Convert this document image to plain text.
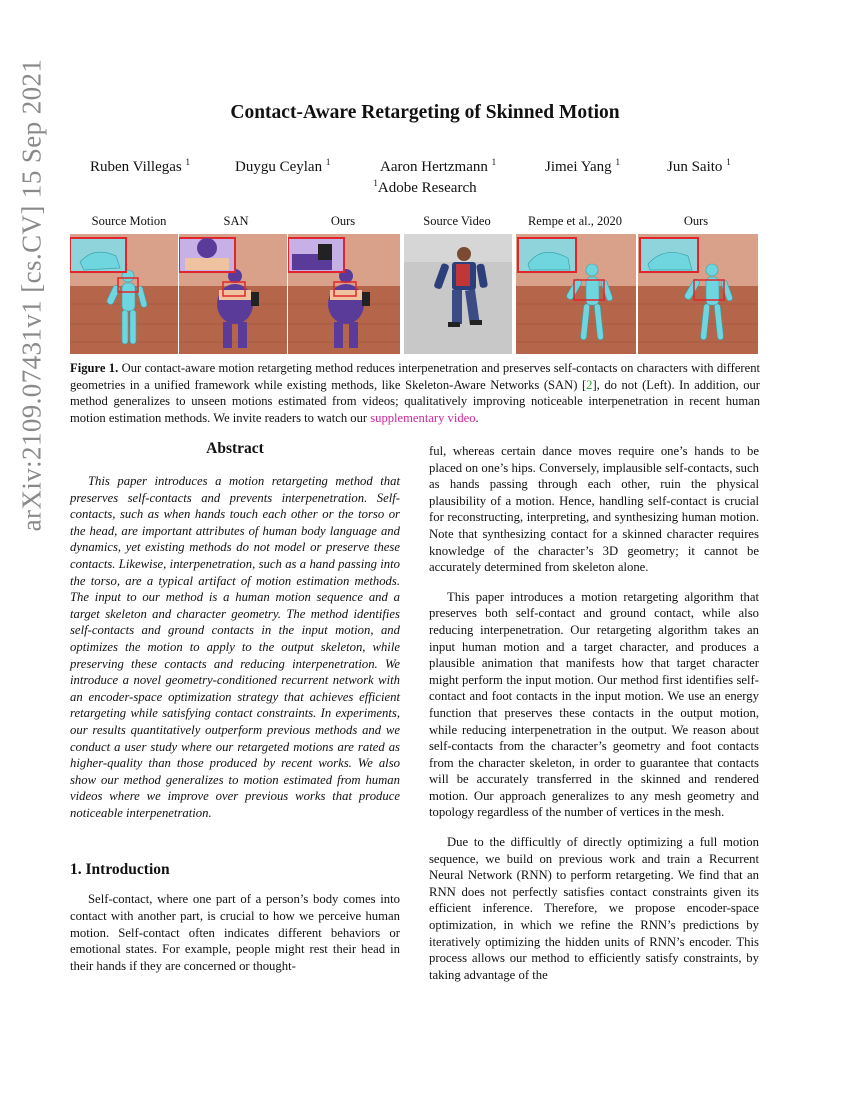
arXiv:2109.07431v1 [cs.CV] 15 Sep 2021	Contact-Aware Retargeting of Skinned Motion
Ruben Villegas $^1$	Duygu Ceylan $^1$	Aaron Hertzmann $^1$	Jimei Yang $^1$	Jun Saito $^1$
$^1$Adobe Research
Source Motion	SAN	Ours	Source Video	Rempe et al., 2020	Ours
Figure 1. Our contact-aware motion retargeting method reduces interpenetration and preserves self-contacts on characters with different geometries in a unified framework while existing methods, like Skeleton-Aware Networks (SAN) [2], do not (Left). In addition, our method generalizes to unseen motions estimated from videos; qualitatively improving noticeable interpenetration in recent human motion estimation methods. We invite readers to watch our supplementary video.
Abstract

This paper introduces a motion retargeting method that preserves self-contacts and prevents interpenetration. Self-contacts, such as when hands touch each other or the torso or the head, are important attributes of human body language and dynamics, yet existing methods do not model or preserve these contacts. Likewise, interpenetration, such as a hand passing into the torso, are a typical artifact of motion estimation methods. The input to our method is a human motion sequence and a target skeleton and character geometry. The method identifies self-contacts and ground contacts in the input motion, and optimizes the motion to apply to the output skeleton, while preserving these contacts and reducing interpenetration. We introduce a novel geometry-conditioned recurrent network with an encoder-space optimization strategy that achieves efficient retargeting while satisfying contact constraints. In experiments, our results quantitatively outperform previous methods and we conduct a user study where our retargeted motions are rated as higher-quality than those produced by recent works. We also show our method generalizes to motion estimated from human videos where we improve over previous works that produce noticeable interpenetration.

1. Introduction

Self-contact, where one part of a person’s body comes into contact with another part, is crucial to how we perceive human motion. Self-contact often indicates different behaviors or emotional states. For example, people might rest their head in their hands if they are concerned or thought-

ful, whereas certain dance moves require one’s hands to be placed on one’s hips. Conversely, implausible self-contacts, such as hands passing through each other, ruin the physical plausibility of a motion. Hence, handling self-contact is crucial for reconstructing, interpreting, and synthesizing human motion. Note that synthesizing contact for a skinned character requires knowledge of the character’s 3D geometry; it cannot be accurately determined from skeleton alone.

This paper introduces a motion retargeting algorithm that preserves both self-contact and ground contact, while also reducing interpenetration. Our retargeting algorithm takes an input human motion and a target character, and produces a plausible animation that manifests how that target character might perform the input motion. Our method first identifies self-contact and foot contacts in the input motion. We use an energy function that preserves these contacts in the output motion, while reducing interpenetration in the output. We reason about self-contacts from the character’s geometry and foot contacts from the character skeleton, in order to guarantee that contacts will be accurately transferred in the skinned and rendered motion. Our approach generalizes to any mesh geometry and topology regardless of the number of vertices in the mesh.

Due to the difficultly of directly optimizing a full motion sequence, we build on previous work and train a Recurrent Neural Network (RNN) to perform retargeting. We find that an RNN does not perfectly satisfies contact constraints given its efficient inference. Therefore, we propose encoder-space optimization, in which we refine the RNN’s predictions by iteratively optimizing the hidden units of RNN’s encoder. This process allows our method to efficiently satisfy constraints, by taking advantage of the
